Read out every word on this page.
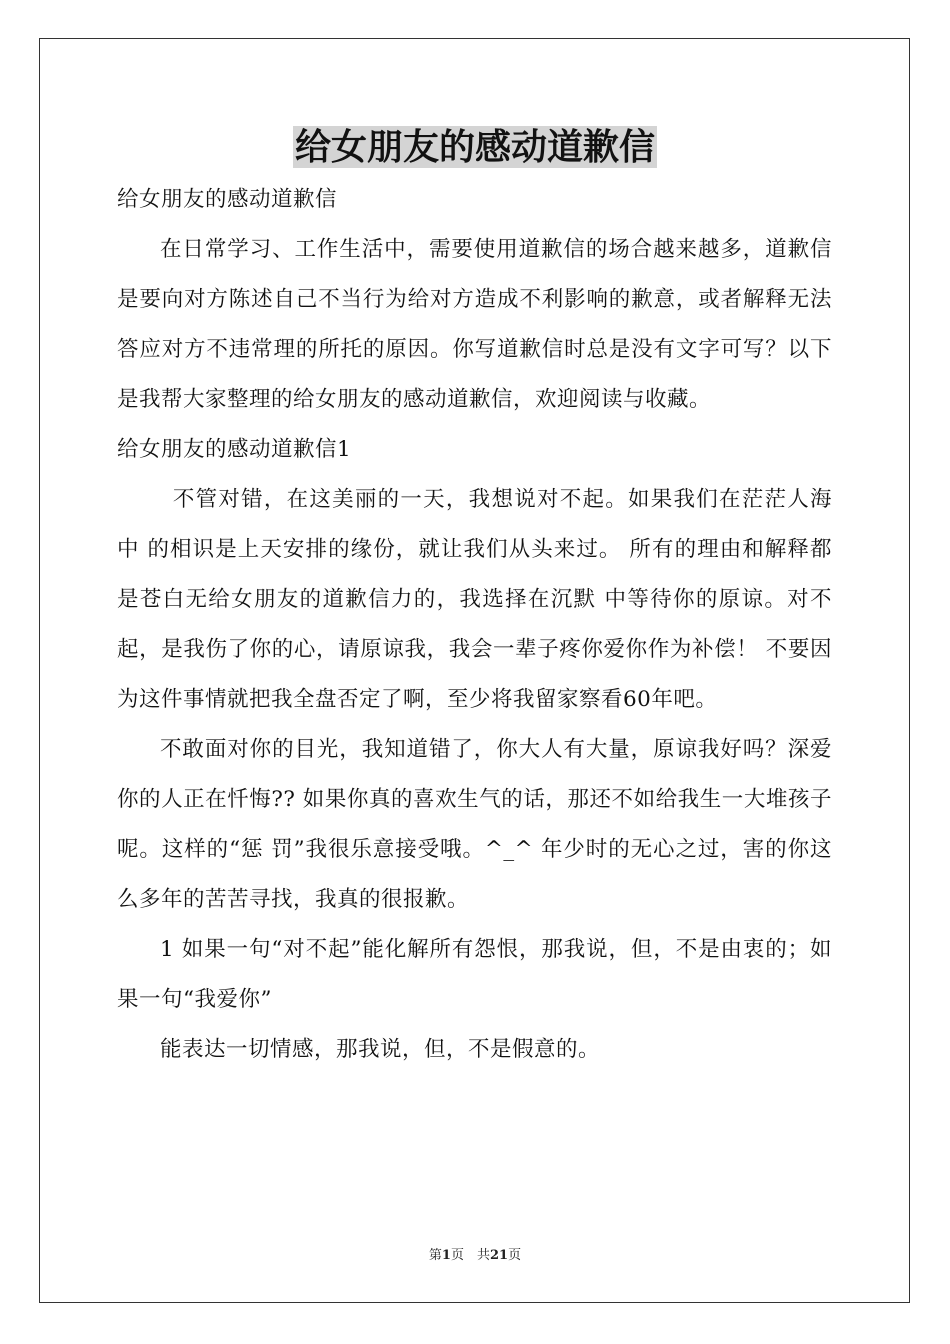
给女朋友的感动道歉信

给女朋友的感动道歉信

在日常学习、工作生活中，需要使用道歉信的场合越来越多，道歉信是要向对方陈述自己不当行为给对方造成不利影响的歉意，或者解释无法答应对方不违常理的所托的原因。你写道歉信时总是没有文字可写？以下是我帮大家整理的给女朋友的感动道歉信，欢迎阅读与收藏。

给女朋友的感动道歉信1

不管对错，在这美丽的一天，我想说对不起。如果我们在茫茫人海中 的相识是上天安排的缘份，就让我们从头来过。 所有的理由和解释都是苍白无给女朋友的道歉信力的，我选择在沉默 中等待你的原谅。对不起，是我伤了你的心，请原谅我，我会一辈子疼你爱你作为补偿！ 不要因为这件事情就把我全盘否定了啊，至少将我留家察看60年吧。

不敢面对你的目光，我知道错了，你大人有大量，原谅我好吗？深爱 你的人正在忏悔?? 如果你真的喜欢生气的话，那还不如给我生一大堆孩子呢。这样的“惩 罚”我很乐意接受哦。^_^ 年少时的无心之过，害的你这么多年的苦苦寻找，我真的很报歉。

1 如果一句“对不起”能化解所有怨恨，那我说，但，不是由衷的；如果一句“我爱你”

能表达一切情感，那我说，但，不是假意的。

第1页　共21页
